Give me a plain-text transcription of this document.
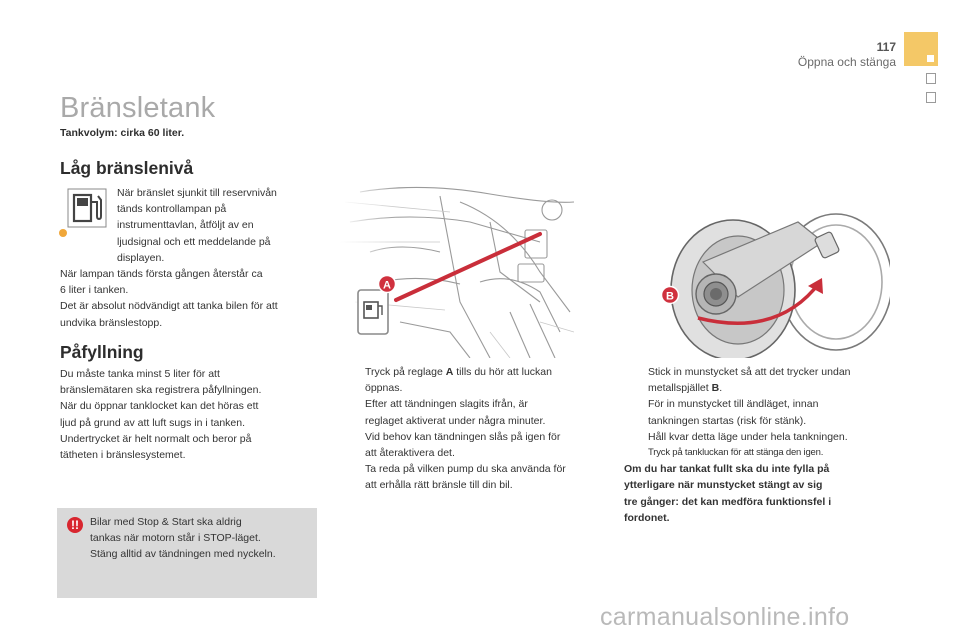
117
Öppna och stänga
Bränsletank
Tankvolym: cirka 60 liter.
Låg bränslenivå
När bränslet sjunkit till reservnivån
tänds kontrollampan på
instrumenttavlan, åtföljt av en
ljudsignal och ett meddelande på
displayen.
När lampan tänds första gången återstår ca
6 liter i tanken.
Det är absolut nödvändigt att tanka bilen för att
undvika bränslestopp.
Påfyllning
Du måste tanka minst 5 liter för att
bränslemätaren ska registrera påfyllningen.
När du öppnar tanklocket kan det höras ett
ljud på grund av att luft sugs in i tanken.
Undertrycket är helt normalt och beror på
tätheten i bränslesystemet.
!!	Bilar med Stop & Start ska aldrig
tankas när motorn står i STOP-läget.
Stäng alltid av tändningen med nyckeln.
A
B
Tryck på reglage A tills du hör att luckan
öppnas.
Efter att tändningen slagits ifrån, är
reglaget aktiverat under några minuter.
Vid behov kan tändningen slås på igen för
att återaktivera det.
Ta reda på vilken pump du ska använda för
att erhålla rätt bränsle till din bil.
Stick in munstycket så att det trycker undan
metallspjället B.
För in munstycket till ändläget, innan
tankningen startas (risk för stänk).
Håll kvar detta läge under hela tankningen.
Tryck på tankluckan för att stänga den igen.
Om du har tankat fullt ska du inte fylla på
ytterligare när munstycket stängt av sig
tre gånger: det kan medföra funktionsfel i
fordonet.
carmanualsonline.info
